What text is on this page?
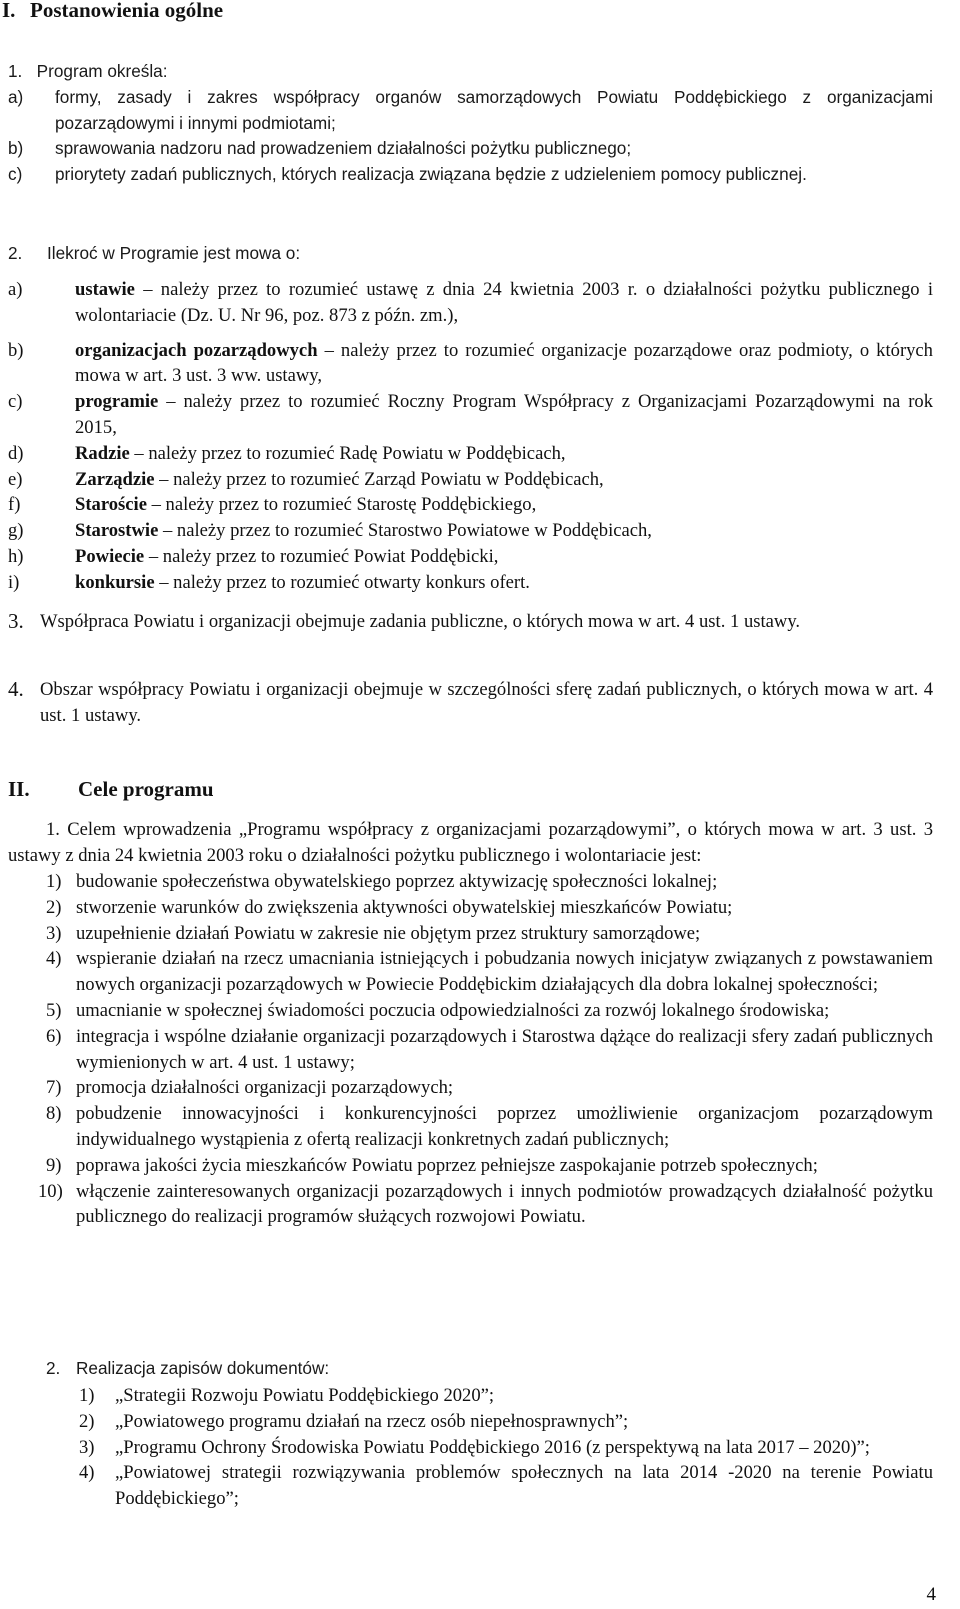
I. Postanowienia ogólne
1.   Program określa:
a)	formy, zasady i zakres współpracy organów samorządowych Powiatu Poddębickiego z organizacjami pozarządowymi i innymi podmiotami;
b)	sprawowania nadzoru nad prowadzeniem działalności pożytku publicznego;
c)	priorytety zadań publicznych, których realizacja związana będzie z udzieleniem pomocy publicznej.
2. Ilekroć w Programie jest mowa o:
a)	ustawie – należy przez to rozumieć ustawę z dnia 24 kwietnia 2003 r. o działalności pożytku publicznego i wolontariacie (Dz. U. Nr 96, poz. 873 z późn. zm.),
b)	organizacjach pozarządowych – należy przez to rozumieć organizacje pozarządowe oraz podmioty, o których mowa w art. 3 ust. 3 ww. ustawy,
c)	programie – należy przez to rozumieć Roczny Program Współpracy z Organizacjami Pozarządowymi na rok 2015,
d)	Radzie – należy przez to rozumieć Radę Powiatu w Poddębicach,
e)	Zarządzie – należy przez to rozumieć Zarząd Powiatu w Poddębicach,
f)	Staroście – należy przez to rozumieć Starostę Poddębickiego,
g)	Starostwie – należy przez to rozumieć Starostwo Powiatowe w Poddębicach,
h)	Powiecie – należy przez to rozumieć Powiat Poddębicki,
i)	konkursie – należy przez to rozumieć otwarty konkurs ofert.
3. Współpraca Powiatu i organizacji obejmuje zadania publiczne, o których mowa w art. 4 ust. 1 ustawy.
4. Obszar współpracy Powiatu i organizacji obejmuje w szczególności sferę zadań publicznych, o których mowa w art. 4 ust. 1 ustawy.
II. Cele programu
1. Celem wprowadzenia „Programu współpracy z organizacjami pozarządowymi”, o których mowa w art. 3 ust. 3 ustawy z dnia 24 kwietnia 2003 roku o działalności pożytku publicznego i wolontariacie jest:
1) budowanie społeczeństwa obywatelskiego poprzez aktywizację społeczności lokalnej;
2) stworzenie warunków do zwiększenia aktywności obywatelskiej mieszkańców Powiatu;
3) uzupełnienie działań Powiatu w zakresie nie objętym przez struktury samorządowe;
4) wspieranie działań na rzecz umacniania istniejących i pobudzania nowych inicjatyw związanych z powstawaniem nowych organizacji pozarządowych w Powiecie Poddębickim działających dla dobra lokalnej społeczności;
5) umacnianie w społecznej świadomości poczucia odpowiedzialności za rozwój lokalnego środowiska;
6) integracja i wspólne działanie organizacji pozarządowych i Starostwa dążące do realizacji sfery zadań publicznych wymienionych w art. 4 ust. 1 ustawy;
7) promocja działalności organizacji pozarządowych;
8) pobudzenie innowacyjności i konkurencyjności poprzez umożliwienie organizacjom pozarządowym indywidualnego wystąpienia z ofertą realizacji konkretnych zadań publicznych;
9) poprawa jakości życia mieszkańców Powiatu poprzez pełniejsze zaspokajanie potrzeb społecznych;
10) włączenie zainteresowanych organizacji pozarządowych i innych podmiotów prowadzących działalność pożytku publicznego do realizacji programów służących rozwojowi Powiatu.
2. Realizacja zapisów dokumentów:
1)	„Strategii Rozwoju Powiatu Poddębickiego 2020”;
2)	„Powiatowego programu działań na rzecz osób niepełnosprawnych”;
3)	„Programu Ochrony Środowiska Powiatu Poddębickiego 2016 (z perspektywą na lata 2017 – 2020)”;
4)	„Powiatowej strategii rozwiązywania problemów społecznych na lata 2014 -2020 na terenie Powiatu Poddębickiego”;
4
